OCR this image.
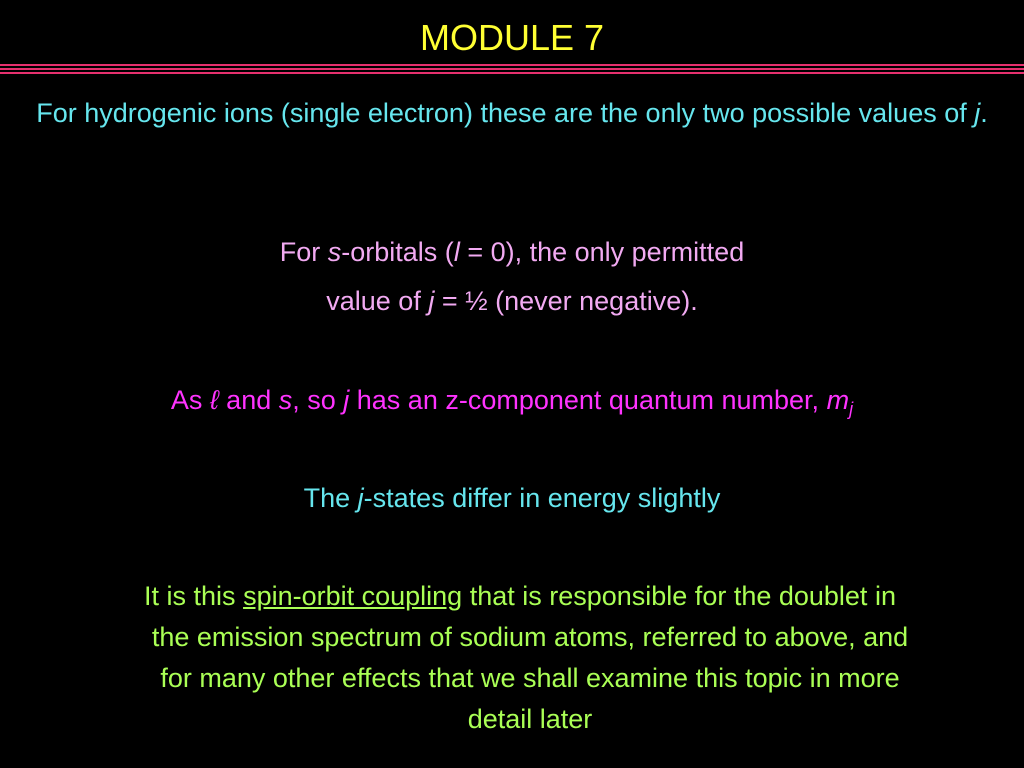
MODULE 7
For hydrogenic ions (single electron) these are the only two possible values of j.
For s-orbitals (l = 0), the only permitted
value of j = ½ (never negative).
As ℓ and s, so j has an z-component quantum number, $m_j$
The j-states differ in energy slightly
It is this spin-orbit coupling that is responsible for the doublet in
the emission spectrum of sodium atoms, referred to above, and
for many other effects that we shall examine this topic in more
detail later
